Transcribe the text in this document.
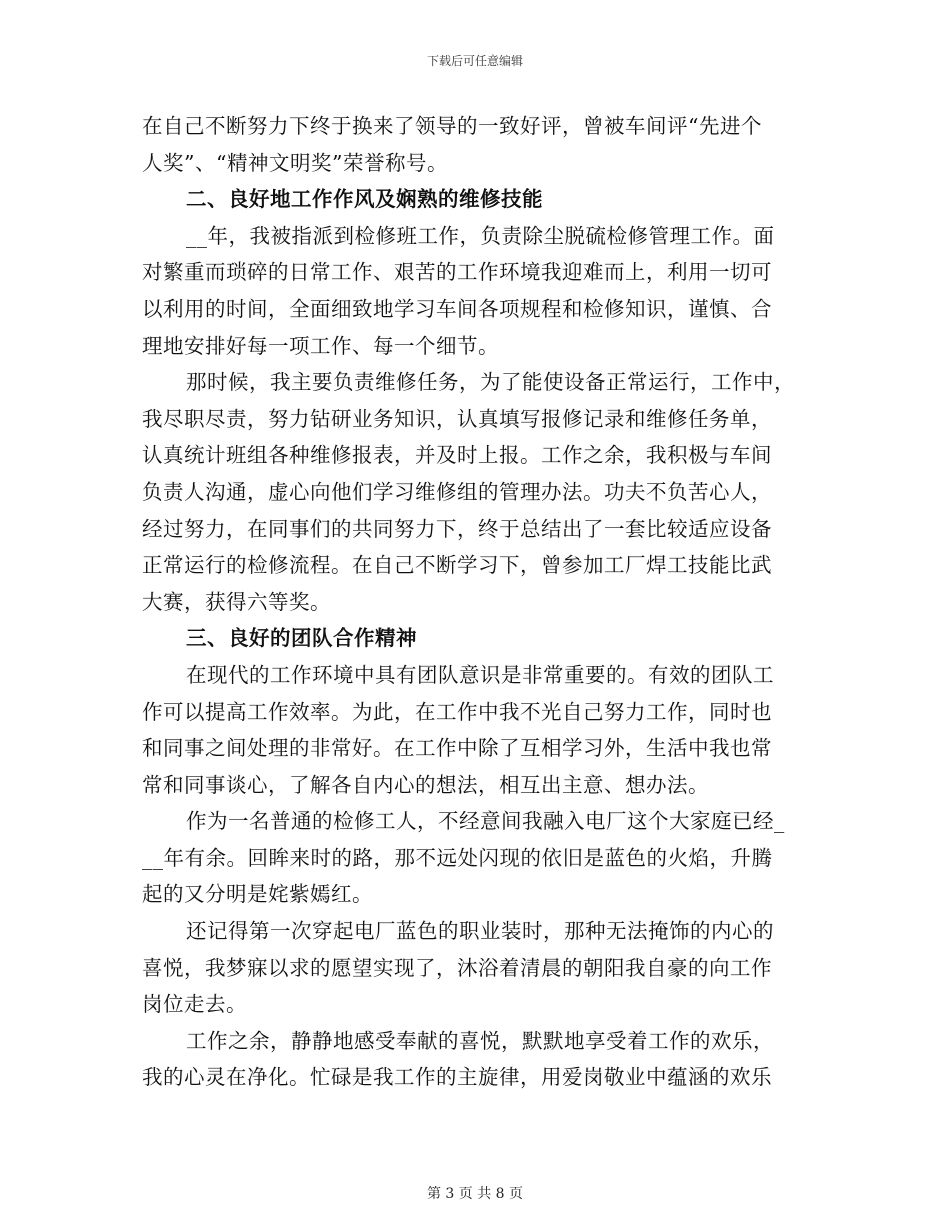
下载后可任意编辑
在自己不断努力下终于换来了领导的一致好评，曾被车间评“先进个
人奖”、“精神文明奖”荣誉称号。
二、良好地工作作风及娴熟的维修技能
__年，我被指派到检修班工作，负责除尘脱硫检修管理工作。面
对繁重而琐碎的日常工作、艰苦的工作环境我迎难而上，利用一切可
以利用的时间，全面细致地学习车间各项规程和检修知识，谨慎、合
理地安排好每一项工作、每一个细节。
那时候，我主要负责维修任务，为了能使设备正常运行，工作中，
我尽职尽责，努力钻研业务知识，认真填写报修记录和维修任务单，
认真统计班组各种维修报表，并及时上报。工作之余，我积极与车间
负责人沟通，虚心向他们学习维修组的管理办法。功夫不负苦心人，
经过努力，在同事们的共同努力下，终于总结出了一套比较适应设备
正常运行的检修流程。在自己不断学习下，曾参加工厂焊工技能比武
大赛，获得六等奖。
三、良好的团队合作精神
在现代的工作环境中具有团队意识是非常重要的。有效的团队工
作可以提高工作效率。为此，在工作中我不光自己努力工作，同时也
和同事之间处理的非常好。在工作中除了互相学习外，生活中我也常
常和同事谈心，了解各自内心的想法，相互出主意、想办法。
作为一名普通的检修工人，不经意间我融入电厂这个大家庭已经_
__年有余。回眸来时的路，那不远处闪现的依旧是蓝色的火焰，升腾
起的又分明是姹紫嫣红。
还记得第一次穿起电厂蓝色的职业装时，那种无法掩饰的内心的
喜悦，我梦寐以求的愿望实现了，沐浴着清晨的朝阳我自豪的向工作
岗位走去。
工作之余，静静地感受奉献的喜悦，默默地享受着工作的欢乐，
我的心灵在净化。忙碌是我工作的主旋律，用爱岗敬业中蕴涵的欢乐
第 3 页 共 8 页
